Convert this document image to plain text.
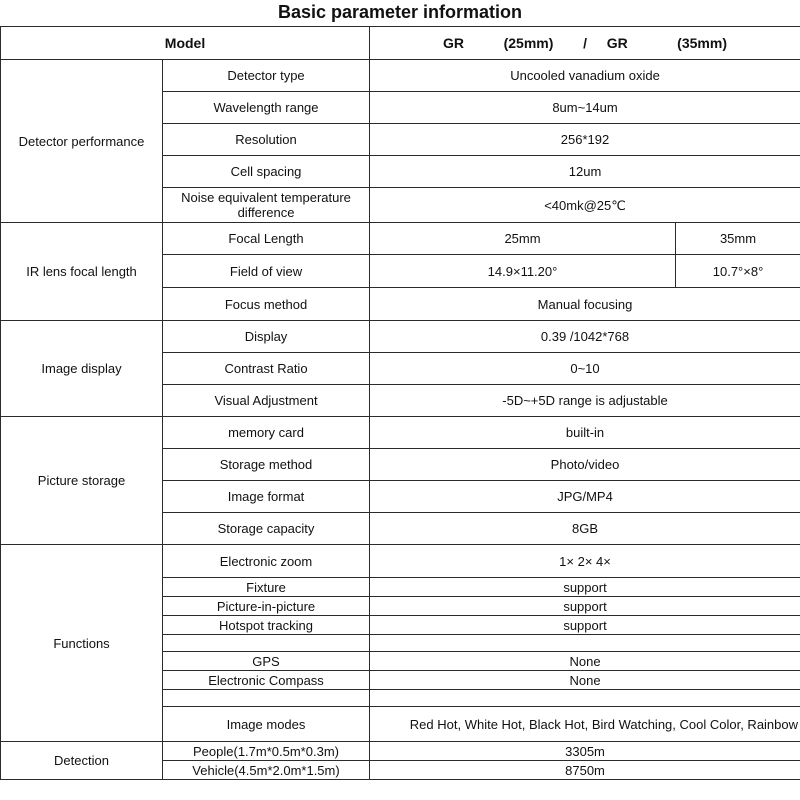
Basic parameter information
Model		GR    (25mm)   /  GR     (35mm)	
Detector performance	Detector type	Uncooled vanadium oxide	
	Wavelength range	8um~14um	
	Resolution	256*192	
	Cell spacing	12um	
	Noise equivalent temperature difference	<40mk@25℃	
IR lens focal length	Focal Length	25mm	35mm
	Field of view	14.9×11.20°	10.7°×8°
	Focus method	Manual focusing	
Image display	Display	0.39 /1042*768	
	Contrast Ratio	0~10	
	Visual Adjustment	-5D~+5D range is adjustable	
Picture storage	memory card	built-in	
	Storage method	Photo/video	
	Image format	JPG/MP4	
	Storage capacity	8GB	
Functions	Electronic zoom	1× 2× 4×	
	Fixture	support	
	Picture-in-picture	support	
	Hotspot tracking	support	

	GPS	None	
	Electronic Compass	None	

	Image modes	Red Hot, White Hot, Black Hot, Bird Watching, Cool Color, Rainbow	
Detection	People(1.7m*0.5m*0.3m)	3305m	
	Vehicle(4.5m*2.0m*1.5m)	8750m	
